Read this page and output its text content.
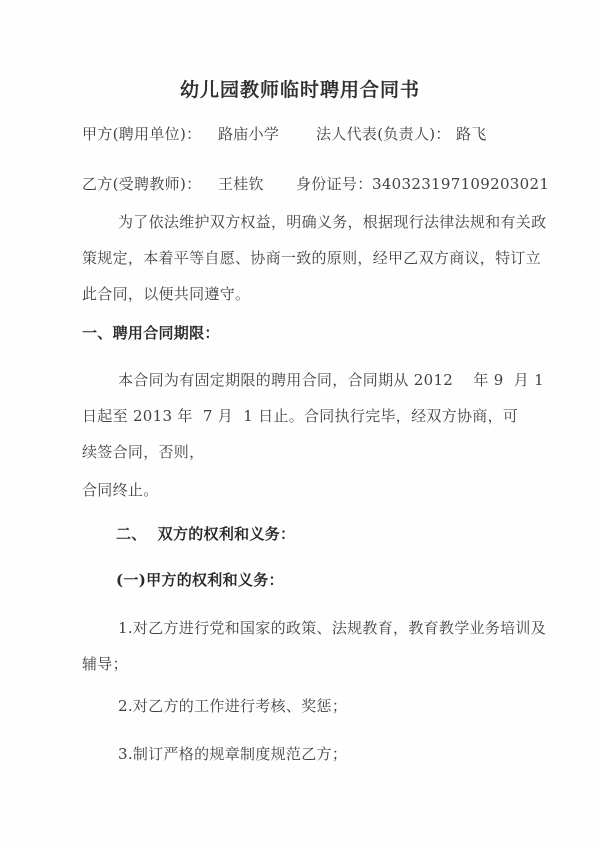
幼儿园教师临时聘用合同书
甲方(聘用单位)： 路庙小学 法人代表(负责人)： 路飞
乙方(受聘教师)： 王桂钦 身份证号： 340323197109203021
为了依法维护双方权益，明确义务，根据现行法律法规和有关政
策规定，本着平等自愿、协商一致的原则，经甲乙双方商议，特订立
此合同，以便共同遵守。
一、聘用合同期限：
本合同为有固定期限的聘用合同，合同期从 2012    年 9  月 1
日起至 2013 年  7 月  1 日止。合同执行完毕，经双方协商，可
续签合同，否则，
合同终止。
二、  双方的权利和义务：
(一)甲方的权利和义务：
1.对乙方进行党和国家的政策、法规教育，教育教学业务培训及
辅导；
2.对乙方的工作进行考核、奖惩；
3.制订严格的规章制度规范乙方；
